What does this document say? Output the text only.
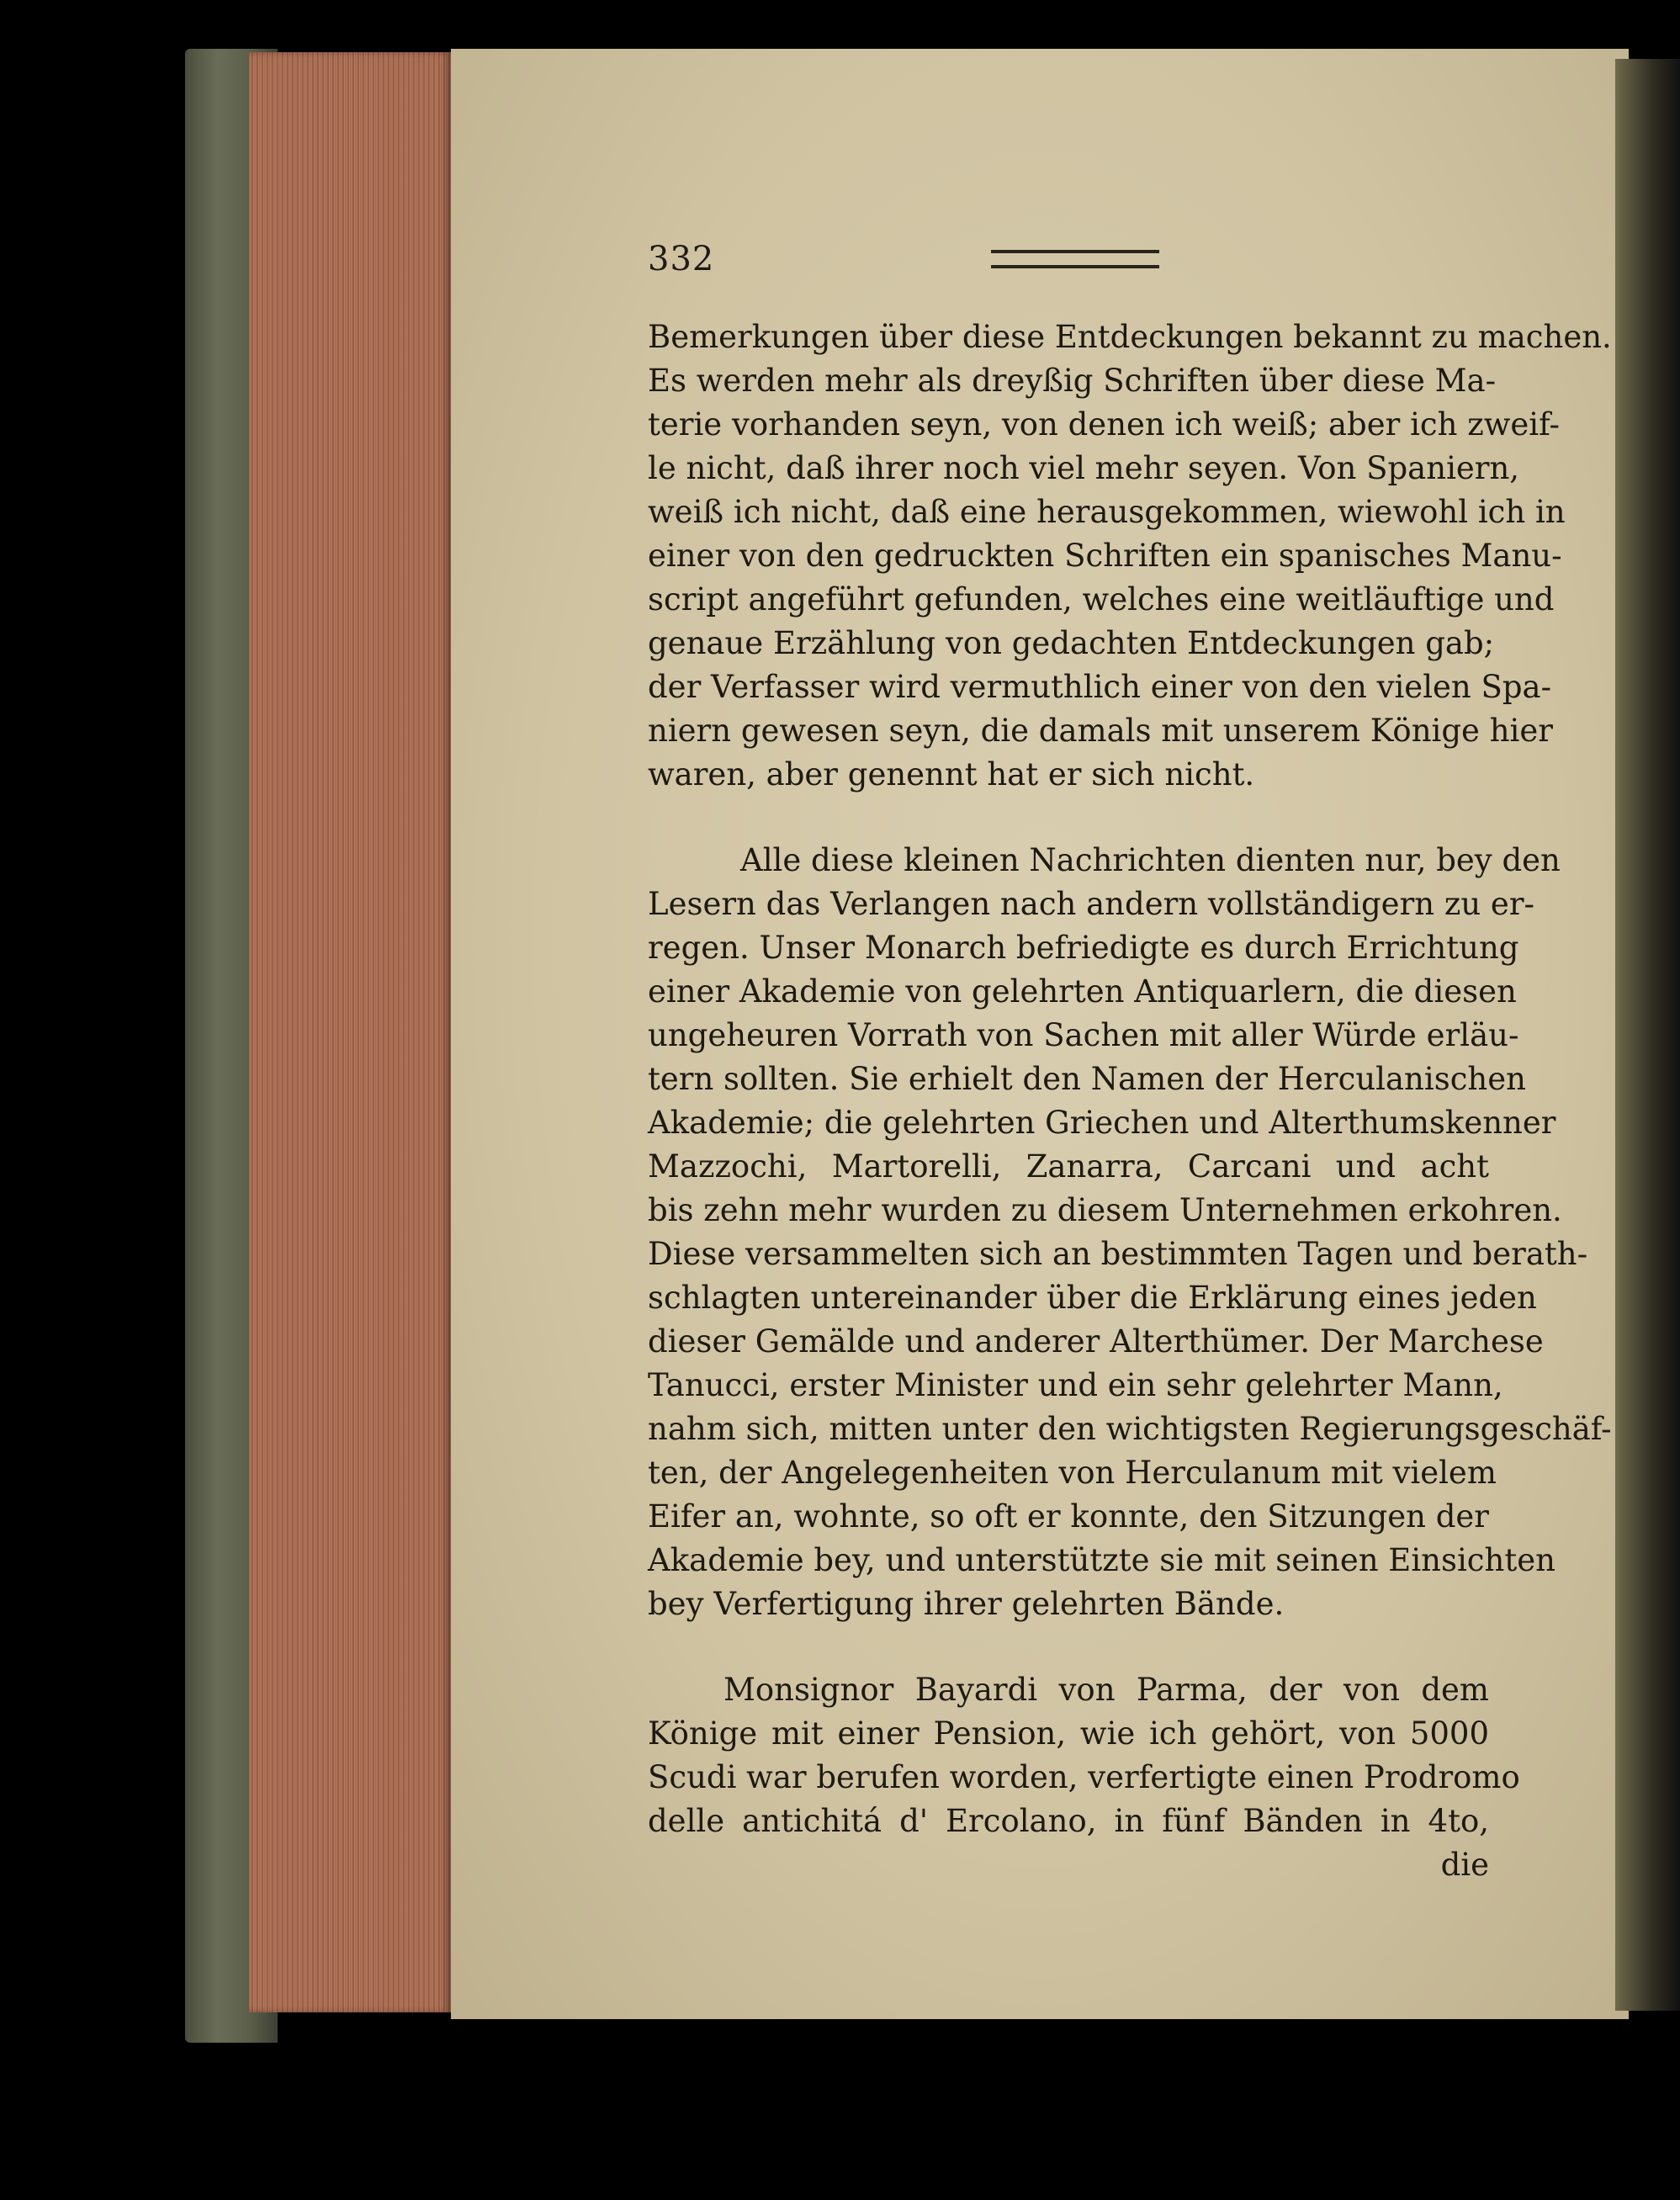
332
Bemerkungen über diese Entdeckungen bekannt zu machen.
Es werden mehr als dreyßig Schriften über diese Ma-
terie vorhanden seyn, von denen ich weiß; aber ich zweif-
le nicht, daß ihrer noch viel mehr seyen. Von Spaniern,
weiß ich nicht, daß eine herausgekommen, wiewohl ich in
einer von den gedruckten Schriften ein spanisches Manu-
script angeführt gefunden, welches eine weitläuftige und
genaue Erzählung von gedachten Entdeckungen gab;
der Verfasser wird vermuthlich einer von den vielen Spa-
niern gewesen seyn, die damals mit unserem Könige hier
waren, aber genennt hat er sich nicht.
Alle diese kleinen Nachrichten dienten nur, bey den
Lesern das Verlangen nach andern vollständigern zu er-
regen. Unser Monarch befriedigte es durch Errichtung
einer Akademie von gelehrten Antiquarlern, die diesen
ungeheuren Vorrath von Sachen mit aller Würde erläu-
tern sollten. Sie erhielt den Namen der Herculanischen
Akademie; die gelehrten Griechen und Alterthumskenner
Mazzochi, Martorelli, Zanarra, Carcani und acht
bis zehn mehr wurden zu diesem Unternehmen erkohren.
Diese versammelten sich an bestimmten Tagen und berath-
schlagten untereinander über die Erklärung eines jeden
dieser Gemälde und anderer Alterthümer. Der Marchese
Tanucci, erster Minister und ein sehr gelehrter Mann,
nahm sich, mitten unter den wichtigsten Regierungsgeschäf-
ten, der Angelegenheiten von Herculanum mit vielem
Eifer an, wohnte, so oft er konnte, den Sitzungen der
Akademie bey, und unterstützte sie mit seinen Einsichten
bey Verfertigung ihrer gelehrten Bände.
Monsignor Bayardi von Parma, der von dem
Könige mit einer Pension, wie ich gehört, von 5000
Scudi war berufen worden, verfertigte einen Prodromo
delle antichitá d' Ercolano, in fünf Bänden in 4to,
die
